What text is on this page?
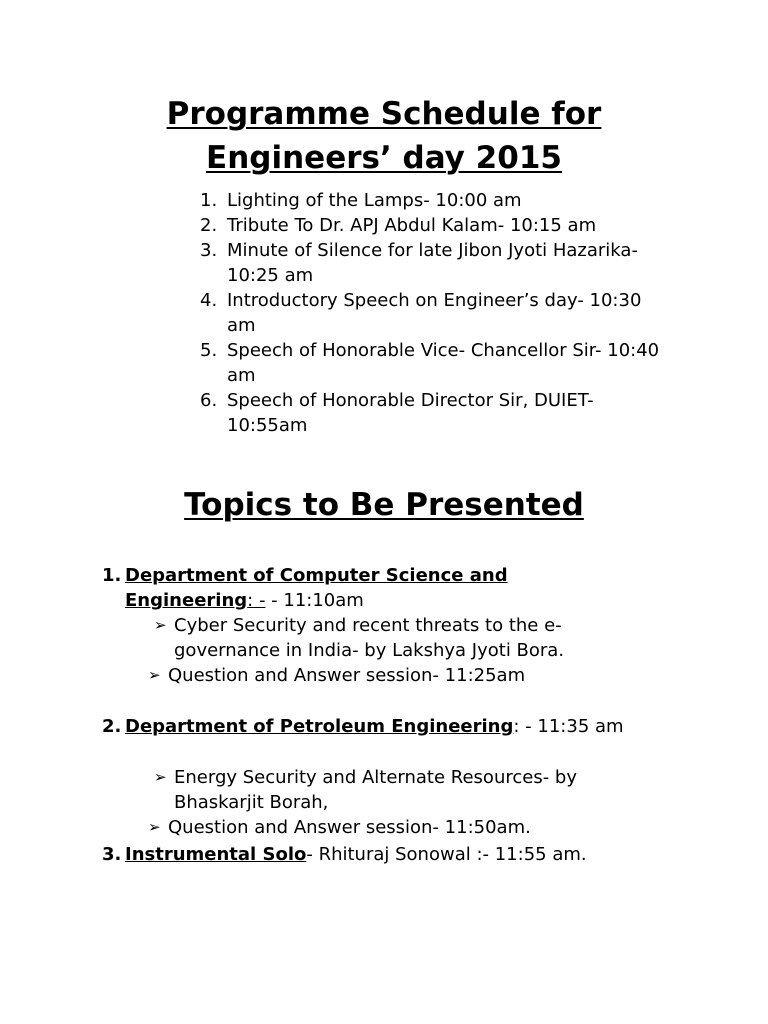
Programme Schedule for
Engineers’ day 2015
1. Lighting of the Lamps- 10:00 am
2. Tribute To Dr. APJ Abdul Kalam- 10:15 am
3. Minute of Silence for late Jibon Jyoti Hazarika- 10:25 am
4. Introductory Speech on Engineer’s day- 10:30 am
5. Speech of Honorable Vice- Chancellor Sir- 10:40 am
6. Speech of Honorable Director Sir, DUIET- 10:55am
Topics to Be Presented
1. Department of Computer Science and Engineering: - - 11:10am
➢ Cyber Security and recent threats to the e-governance in India- by Lakshya Jyoti Bora.
➢ Question and Answer session- 11:25am
2. Department of Petroleum Engineering: - 11:35 am
➢ Energy Security and Alternate Resources- by Bhaskarjit Borah,
➢ Question and Answer session- 11:50am.
3. Instrumental Solo- Rhituraj Sonowal :- 11:55 am.
